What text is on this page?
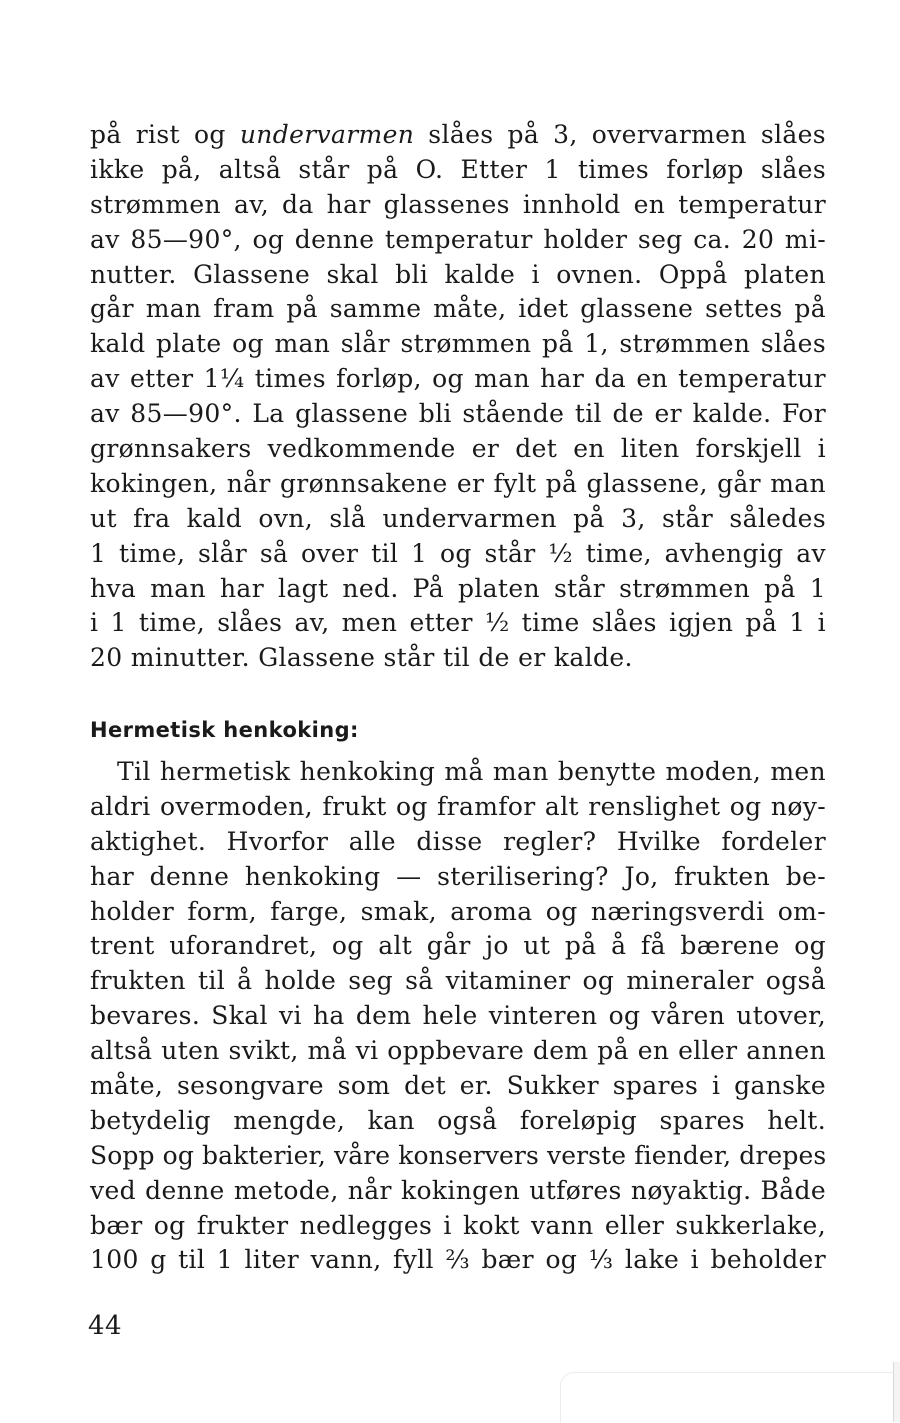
på rist og undervarmen slåes på 3, overvarmen slåes
ikke på, altså står på O. Etter 1 times forløp slåes
strømmen av, da har glassenes innhold en temperatur
av 85—90°, og denne temperatur holder seg ca. 20 mi-
nutter. Glassene skal bli kalde i ovnen. Oppå platen
går man fram på samme måte, idet glassene settes på
kald plate og man slår strømmen på 1, strømmen slåes
av etter 1¼ times forløp, og man har da en temperatur
av 85—90°. La glassene bli stående til de er kalde. For
grønnsakers vedkommende er det en liten forskjell i
kokingen, når grønnsakene er fylt på glassene, går man
ut fra kald ovn, slå undervarmen på 3, står således
1 time, slår så over til 1 og står ½ time, avhengig av
hva man har lagt ned. På platen står strømmen på 1
i 1 time, slåes av, men etter ½ time slåes igjen på 1 i
20 minutter. Glassene står til de er kalde.
Hermetisk henkoking:
Til hermetisk henkoking må man benytte moden, men
aldri overmoden, frukt og framfor alt renslighet og nøy-
aktighet. Hvorfor alle disse regler? Hvilke fordeler
har denne henkoking — sterilisering? Jo, frukten be-
holder form, farge, smak, aroma og næringsverdi om-
trent uforandret, og alt går jo ut på å få bærene og
frukten til å holde seg så vitaminer og mineraler også
bevares. Skal vi ha dem hele vinteren og våren utover,
altså uten svikt, må vi oppbevare dem på en eller annen
måte, sesongvare som det er. Sukker spares i ganske
betydelig mengde, kan også foreløpig spares helt.
Sopp og bakterier, våre konservers verste fiender, drepes
ved denne metode, når kokingen utføres nøyaktig. Både
bær og frukter nedlegges i kokt vann eller sukkerlake,
100 g til 1 liter vann, fyll ⅔ bær og ⅓ lake i beholder
44
